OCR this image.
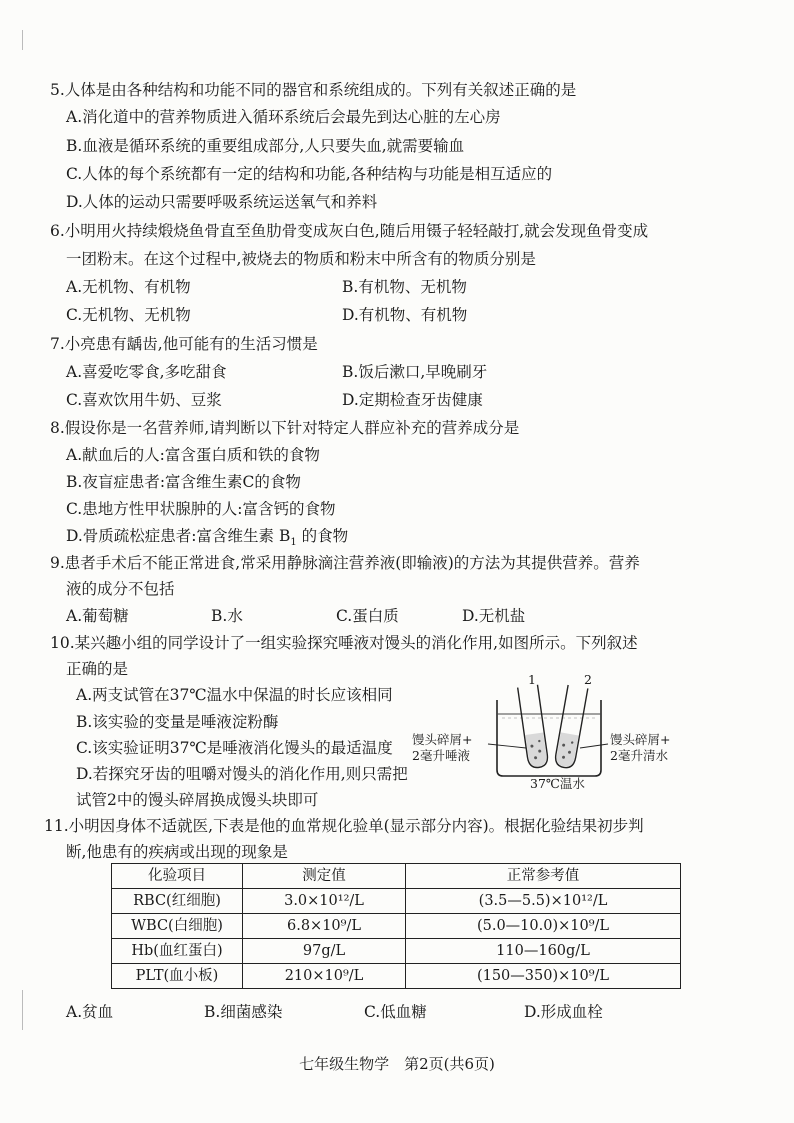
5.人体是由各种结构和功能不同的器官和系统组成的。下列有关叙述正确的是
A.消化道中的营养物质进入循环系统后会最先到达心脏的左心房
B.血液是循环系统的重要组成部分,人只要失血,就需要输血
C.人体的每个系统都有一定的结构和功能,各种结构与功能是相互适应的
D.人体的运动只需要呼吸系统运送氧气和养料
6.小明用火持续煅烧鱼骨直至鱼肋骨变成灰白色,随后用镊子轻轻敲打,就会发现鱼骨变成
一团粉末。在这个过程中,被烧去的物质和粉末中所含有的物质分别是
A.无机物、有机物	B.有机物、无机物
C.无机物、无机物	D.有机物、有机物
7.小亮患有龋齿,他可能有的生活习惯是
A.喜爱吃零食,多吃甜食	B.饭后漱口,早晚刷牙
C.喜欢饮用牛奶、豆浆	D.定期检查牙齿健康
8.假设你是一名营养师,请判断以下针对特定人群应补充的营养成分是
A.献血后的人:富含蛋白质和铁的食物
B.夜盲症患者:富含维生素C的食物
C.患地方性甲状腺肿的人:富含钙的食物
D.骨质疏松症患者:富含维生素 $B_1$ 的食物
9.患者手术后不能正常进食,常采用静脉滴注营养液(即输液)的方法为其提供营养。营养
液的成分不包括
A.葡萄糖	B.水	C.蛋白质	D.无机盐
10.某兴趣小组的同学设计了一组实验探究唾液对馒头的消化作用,如图所示。下列叙述
正确的是
A.两支试管在37℃温水中保温的时长应该相同
B.该实验的变量是唾液淀粉酶
C.该实验证明37℃是唾液消化馒头的最适温度
D.若探究牙齿的咀嚼对馒头的消化作用,则只需把
试管2中的馒头碎屑换成馒头块即可
1	2
馒头碎屑+
2毫升唾液
馒头碎屑+
2毫升清水
37℃温水
11.小明因身体不适就医,下表是他的血常规化验单(显示部分内容)。根据化验结果初步判
断,他患有的疾病或出现的现象是
化验项目	测定值	正常参考值
RBC(红细胞)	3.0×10¹²/L	(3.5—5.5)×10¹²/L
WBC(白细胞)	6.8×10⁹/L	(5.0—10.0)×10⁹/L
Hb(血红蛋白)	97g/L	110—160g/L
PLT(血小板)	210×10⁹/L	(150—350)×10⁹/L
A.贫血	B.细菌感染	C.低血糖	D.形成血栓
七年级生物学　第2页(共6页)
